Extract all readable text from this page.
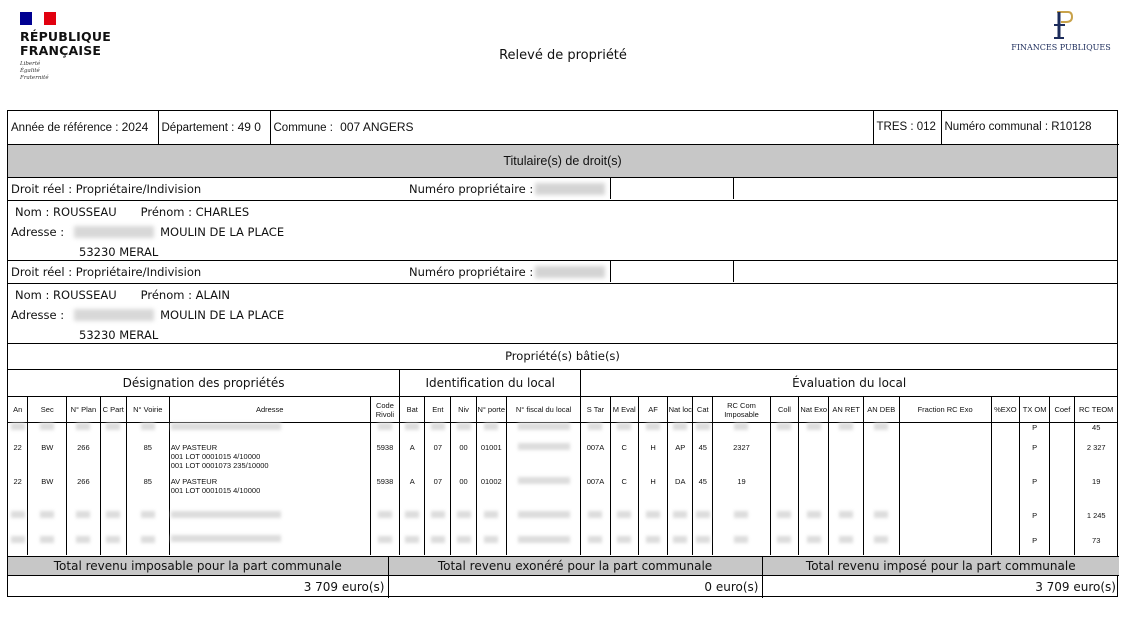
RÉPUBLIQUE
FRANÇAISE
Liberté
Égalité
Fraternité
Relevé de propriété
FINANCES PUBLIQUES
Année de référence : 2024	Département : 49 0	Commune : 007 ANGERS	TRES : 012	Numéro communal : R10128
Titulaire(s) de droit(s)
Droit réel : Propriétaire/Indivision	Numéro propriétaire :
Nom : ROUSSEAU Prénom : CHARLES
Adresse :	MOULIN DE LA PLACE
53230 MERAL
Droit réel : Propriétaire/Indivision	Numéro propriétaire :
Nom : ROUSSEAU Prénom : ALAIN
Adresse :	MOULIN DE LA PLACE
53230 MERAL
Propriété(s) bâtie(s)
Désignation des propriétés							Identification du local					Évaluation du local														
An	Sec	N° Plan	C Part	N° Voirie	Adresse	Code Rivoli	Bat	Ent	Niv	N° porte	N° fiscal du local	S Tar	M Eval	AF	Nat loc	Cat	RC Com Imposable	Coll	Nat Exo	AN RET	AN DEB	Fraction RC Exo	%EXO	TX OM	Coef	RC TEOM
																								P		45
22	BW	266		85	AV PASTEUR
001 LOT 0001015 4/10000
001 LOT 0001073 235/10000	5938	A	07	00	01001		007A	C	H	AP	45	2327							P		2 327
22	BW	266		85	AV PASTEUR
001 LOT 0001015 4/10000	5938	A	07	00	01002		007A	C	H	DA	45	19							P		19
																								P		1 245
																								P		73
Total revenu imposable pour la part communale	Total revenu exonéré pour la part communale	Total revenu imposé pour la part communale
3 709 euro(s)	0 euro(s)	3 709 euro(s)
